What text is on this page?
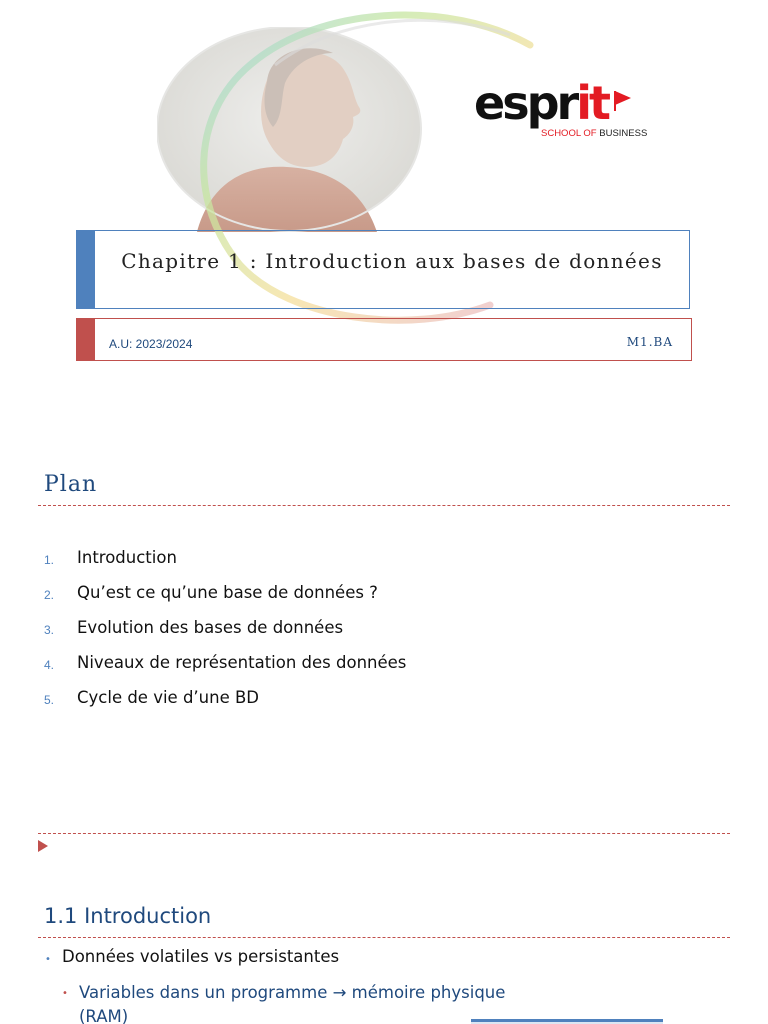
esprit
SCHOOL OF BUSINESS
Chapitre 1 : Introduction aux bases de données
A.U: 2023/2024	M1.BA
Plan
1. Introduction
2. Qu’est ce qu’une base de données ?
3. Evolution des bases de données
4. Niveaux de représentation des données
5. Cycle de vie d’une BD
1.1 Introduction
• Données volatiles vs persistantes
• Variables dans un programme → mémoire physique (RAM)
